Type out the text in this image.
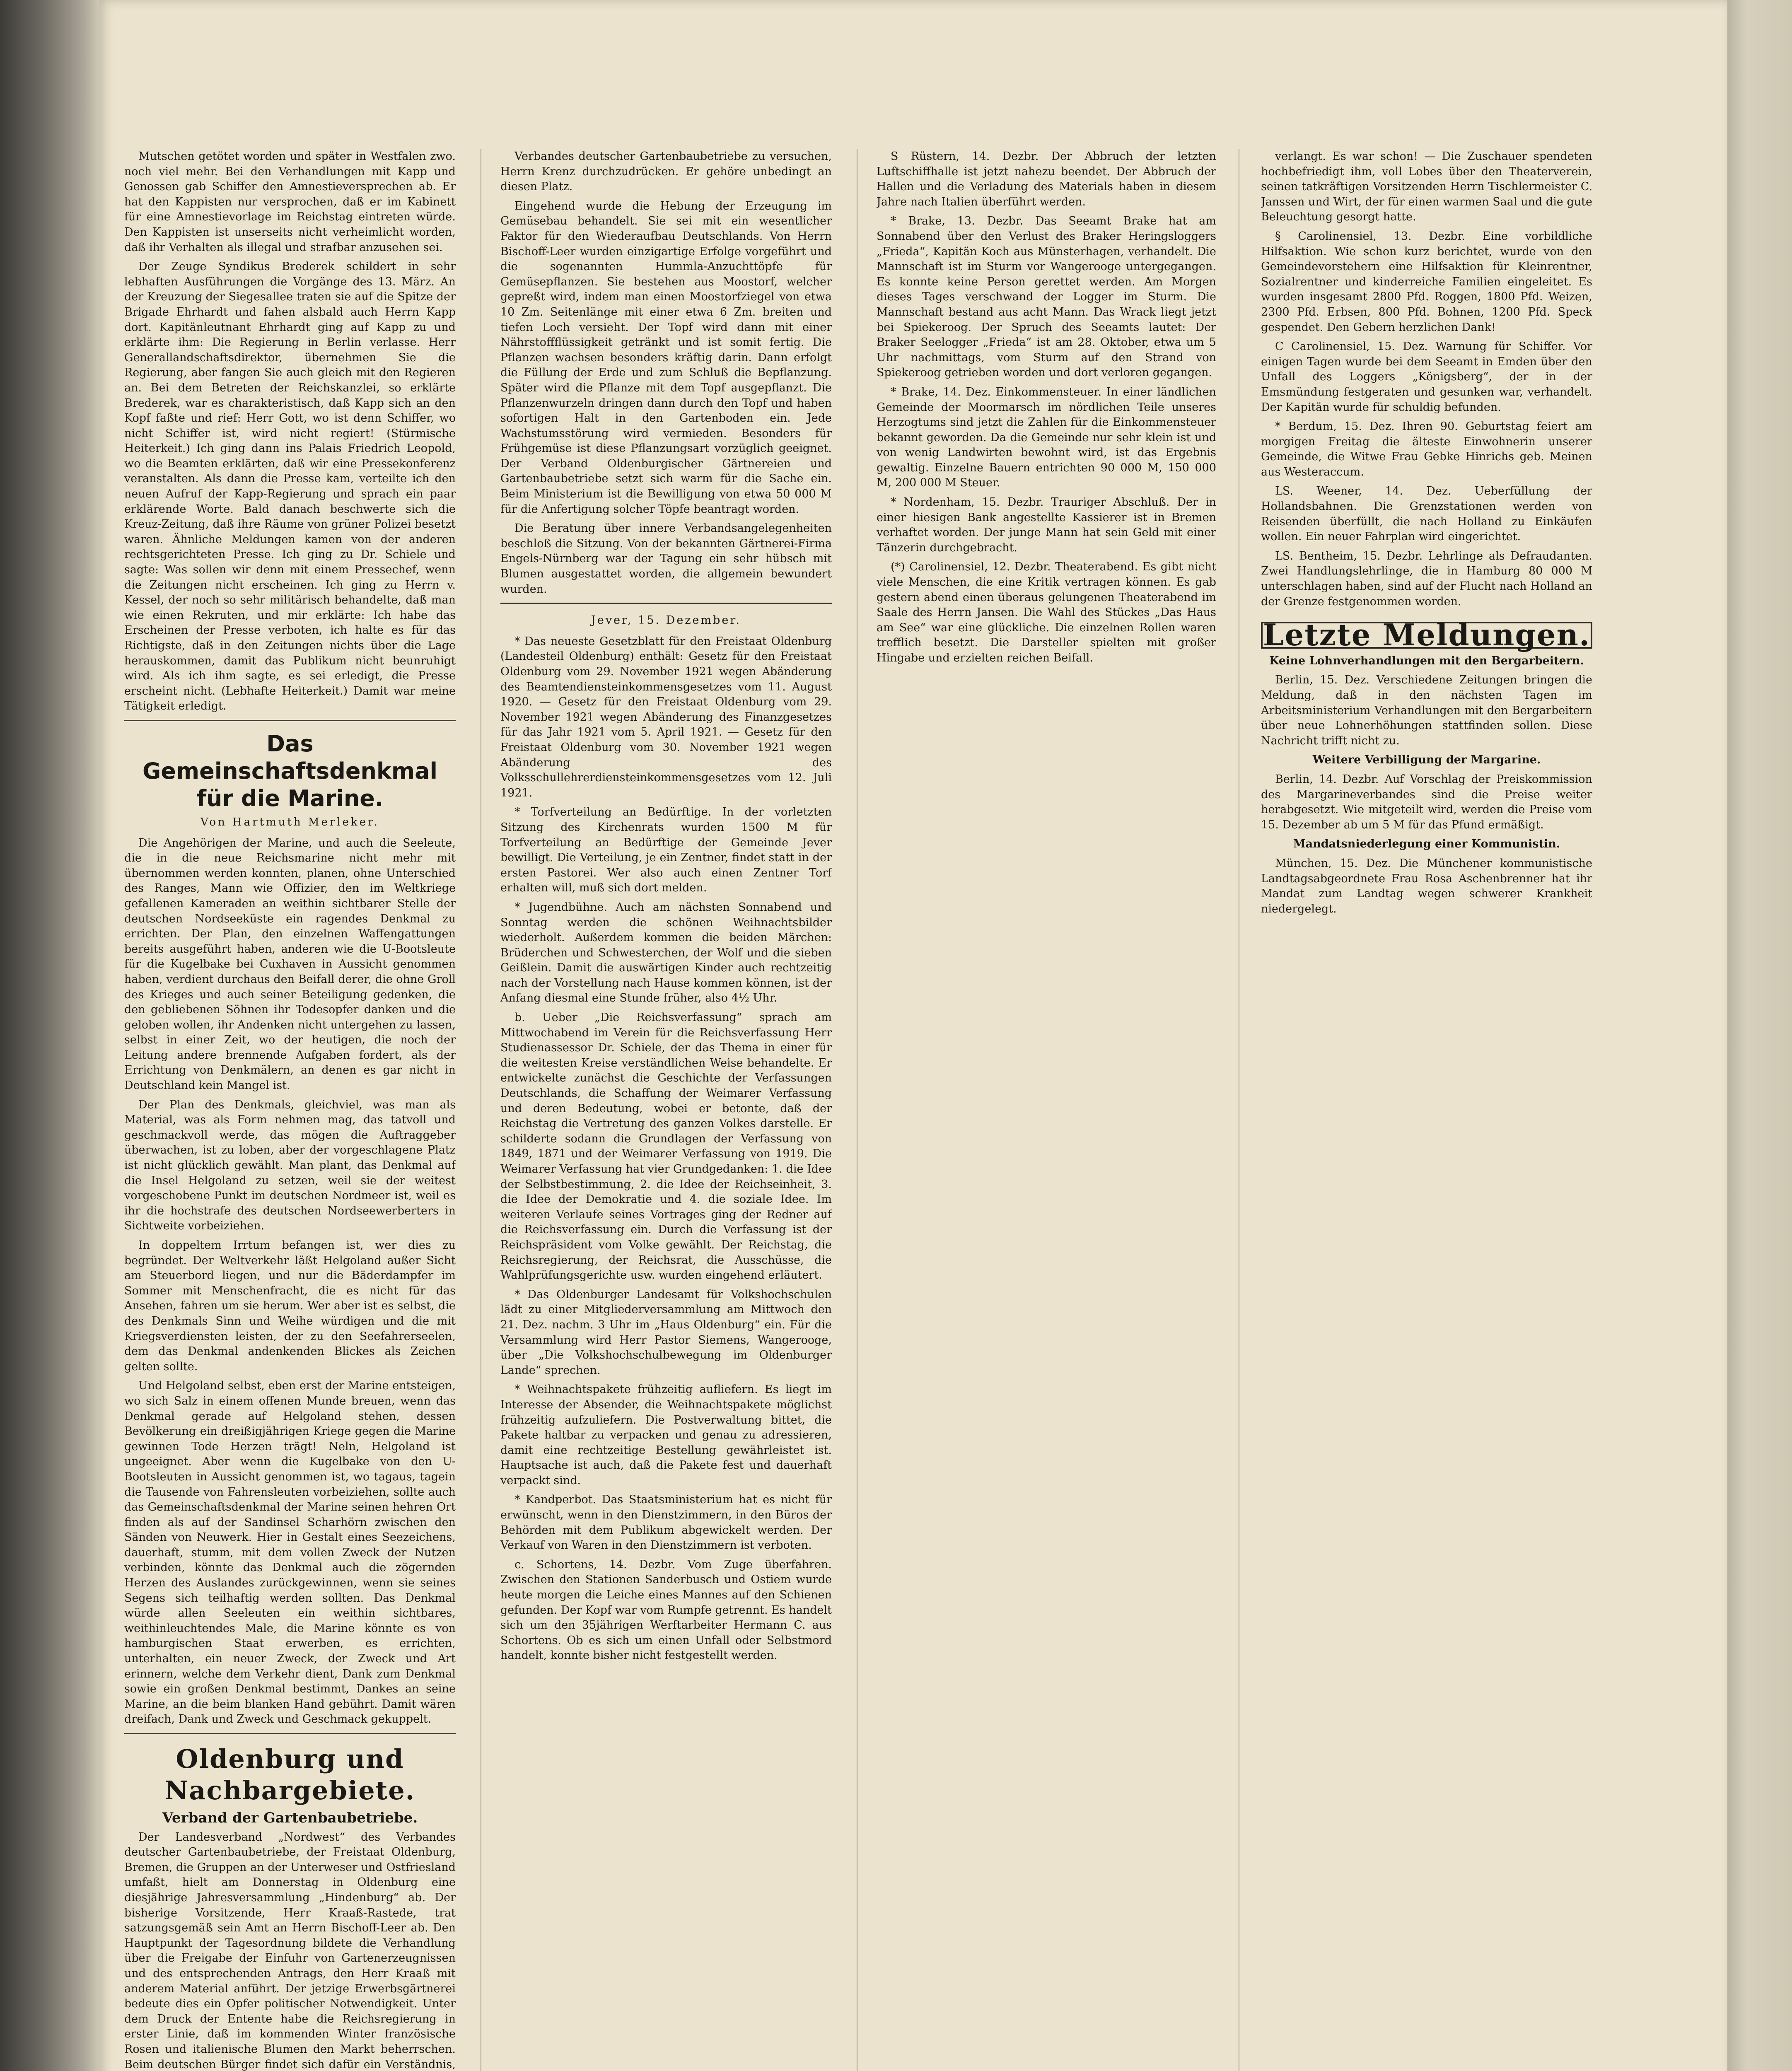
Mutschen getötet worden und später in Westfalen zwo. noch viel mehr. Bei den Verhandlungen mit Kapp und Genossen gab Schiffer den Amnestieversprechen ab. Er hat den Kappisten nur versprochen, daß er im Kabinett für eine Amnestievorlage im Reichstag eintreten würde. Den Kappisten ist unserseits nicht verheimlicht worden, daß ihr Verhalten als illegal und strafbar anzusehen sei.

Der Zeuge Syndikus Brederek schildert in sehr lebhaften Ausführungen die Vorgänge des 13. März. An der Kreuzung der Siegesallee traten sie auf die Spitze der Brigade Ehrhardt und fahen alsbald auch Herrn Kapp dort. Kapitänleutnant Ehrhardt ging auf Kapp zu und erklärte ihm: Die Regierung in Berlin verlasse. Herr Generallandschaftsdirektor, übernehmen Sie die Regierung, aber fangen Sie auch gleich mit den Regieren an. Bei dem Betreten der Reichskanzlei, so erklärte Brederek, war es charakteristisch, daß Kapp sich an den Kopf faßte und rief: Herr Gott, wo ist denn Schiffer, wo nicht Schiffer ist, wird nicht regiert! (Stürmische Heiterkeit.) Ich ging dann ins Palais Friedrich Leopold, wo die Beamten erklärten, daß wir eine Pressekonferenz veranstalten. Als dann die Presse kam, verteilte ich den neuen Aufruf der Kapp-Regierung und sprach ein paar erklärende Worte. Bald danach beschwerte sich die Kreuz-Zeitung, daß ihre Räume von grüner Polizei besetzt waren. Ähnliche Meldungen kamen von der anderen rechtsgerichteten Presse. Ich ging zu Dr. Schiele und sagte: Was sollen wir denn mit einem Pressechef, wenn die Zeitungen nicht erscheinen. Ich ging zu Herrn v. Kessel, der noch so sehr militärisch behandelte, daß man wie einen Rekruten, und mir erklärte: Ich habe das Erscheinen der Presse verboten, ich halte es für das Richtigste, daß in den Zeitungen nichts über die Lage herauskommen, damit das Publikum nicht beunruhigt wird. Als ich ihm sagte, es sei erledigt, die Presse erscheint nicht. (Lebhafte Heiterkeit.) Damit war meine Tätigkeit erledigt.

Das Gemeinschaftsdenkmal für die Marine.
Von Hartmuth Merleker.

Die Angehörigen der Marine, und auch die Seeleute, die in die neue Reichsmarine nicht mehr mit übernommen werden konnten, planen, ohne Unterschied des Ranges, Mann wie Offizier, den im Weltkriege gefallenen Kameraden an weithin sichtbarer Stelle der deutschen Nordseeküste ein ragendes Denkmal zu errichten. Der Plan, den einzelnen Waffengattungen bereits ausgeführt haben, anderen wie die U-Bootsleute für die Kugelbake bei Cuxhaven in Aussicht genommen haben, verdient durchaus den Beifall derer, die ohne Groll des Krieges und auch seiner Beteiligung gedenken, die den gebliebenen Söhnen ihr Todesopfer danken und die geloben wollen, ihr Andenken nicht untergehen zu lassen, selbst in einer Zeit, wo der heutigen, die noch der Leitung andere brennende Aufgaben fordert, als der Errichtung von Denkmälern, an denen es gar nicht in Deutschland kein Mangel ist.

Der Plan des Denkmals, gleichviel, was man als Material, was als Form nehmen mag, das tatvoll und geschmackvoll werde, das mögen die Auftraggeber überwachen, ist zu loben, aber der vorgeschlagene Platz ist nicht glücklich gewählt. Man plant, das Denkmal auf die Insel Helgoland zu setzen, weil sie der weitest vorgeschobene Punkt im deutschen Nordmeer ist, weil es ihr die hochstrafe des deutschen Nordseewerberters in Sichtweite vorbeiziehen.

In doppeltem Irrtum befangen ist, wer dies zu begründet. Der Weltverkehr läßt Helgoland außer Sicht am Steuerbord liegen, und nur die Bäderdampfer im Sommer mit Menschenfracht, die es nicht für das Ansehen, fahren um sie herum. Wer aber ist es selbst, die des Denkmals Sinn und Weihe würdigen und die mit Kriegsverdiensten leisten, der zu den Seefahrerseelen, dem das Denkmal andenkenden Blickes als Zeichen gelten sollte.

Und Helgoland selbst, eben erst der Marine entsteigen, wo sich Salz in einem offenen Munde breuen, wenn das Denkmal gerade auf Helgoland stehen, dessen Bevölkerung ein dreißigjährigen Kriege gegen die Marine gewinnen Tode Herzen trägt! Neln, Helgoland ist ungeeignet. Aber wenn die Kugelbake von den U-Bootsleuten in Aussicht genommen ist, wo tagaus, tagein die Tausende von Fahrensleuten vorbeiziehen, sollte auch das Gemeinschaftsdenkmal der Marine seinen hehren Ort finden als auf der Sandinsel Scharhörn zwischen den Sänden von Neuwerk. Hier in Gestalt eines Seezeichens, dauerhaft, stumm, mit dem vollen Zweck der Nutzen verbinden, könnte das Denkmal auch die zögernden Herzen des Auslandes zurückgewinnen, wenn sie seines Segens sich teilhaftig werden sollten. Das Denkmal würde allen Seeleuten ein weithin sichtbares, weithinleuchtendes Male, die Marine könnte es von hamburgischen Staat erwerben, es errichten, unterhalten, ein neuer Zweck, der Zweck und Art erinnern, welche dem Verkehr dient, Dank zum Denkmal sowie ein großen Denkmal bestimmt, Dankes an seine Marine, an die beim blanken Hand gebührt. Damit wären dreifach, Dank und Zweck und Geschmack gekuppelt.

Oldenburg und Nachbargebiete.
Verband der Gartenbaubetriebe.

Der Landesverband „Nordwest“ des Verbandes deutscher Gartenbaubetriebe, der Freistaat Oldenburg, Bremen, die Gruppen an der Unterweser und Ostfriesland umfaßt, hielt am Donnerstag in Oldenburg eine diesjährige Jahresversammlung „Hindenburg“ ab. Der bisherige Vorsitzende, Herr Kraaß-Rastede, trat satzungsgemäß sein Amt an Herrn Bischoff-Leer ab. Den Hauptpunkt der Tagesordnung bildete die Verhandlung über die Freigabe der Einfuhr von Gartenerzeugnissen und des entsprechenden Antrags, den Herr Kraaß mit anderem Material anführt. Der jetzige Erwerbsgärtnerei bedeute dies ein Opfer politischer Notwendigkeit. Unter dem Druck der Entente habe die Reichsregierung in erster Linie, daß im kommenden Winter französische Rosen und italienische Blumen den Markt beherrschen. Beim deutschen Bürger findet sich dafür ein Verständnis,

Verbandes deutscher Gartenbaubetriebe zu versuchen, Herrn Krenz durchzudrücken. Er gehöre unbedingt an diesen Platz.

Eingehend wurde die Hebung der Erzeugung im Gemüsebau behandelt. Sie sei mit ein wesentlicher Faktor für den Wiederaufbau Deutschlands. Von Herrn Bischoff-Leer wurden einzigartige Erfolge vorgeführt und die sogenannten Hummla-Anzuchttöpfe für Gemüsepflanzen. Sie bestehen aus Moostorf, welcher gepreßt wird, indem man einen Moostorfziegel von etwa 10 Zm. Seitenlänge mit einer etwa 6 Zm. breiten und tiefen Loch versieht. Der Topf wird dann mit einer Nährstoffflüssigkeit getränkt und ist somit fertig. Die Pflanzen wachsen besonders kräftig darin. Dann erfolgt die Füllung der Erde und zum Schluß die Bepflanzung. Später wird die Pflanze mit dem Topf ausgepflanzt. Die Pflanzenwurzeln dringen dann durch den Topf und haben sofortigen Halt in den Gartenboden ein. Jede Wachstumsstörung wird vermieden. Besonders für Frühgemüse ist diese Pflanzungsart vorzüglich geeignet. Der Verband Oldenburgischer Gärtnereien und Gartenbaubetriebe setzt sich warm für die Sache ein. Beim Ministerium ist die Bewilligung von etwa 50 000 M für die Anfertigung solcher Töpfe beantragt worden.

Die Beratung über innere Verbandsangelegenheiten beschloß die Sitzung. Von der bekannten Gärtnerei-Firma Engels-Nürnberg war der Tagung ein sehr hübsch mit Blumen ausgestattet worden, die allgemein bewundert wurden.

Jever, 15. Dezember.

* Das neueste Gesetzblatt für den Freistaat Oldenburg (Landesteil Oldenburg) enthält: Gesetz für den Freistaat Oldenburg vom 29. November 1921 wegen Abänderung des Beamtendiensteinkommensgesetzes vom 11. August 1920. — Gesetz für den Freistaat Oldenburg vom 29. November 1921 wegen Abänderung des Finanzgesetzes für das Jahr 1921 vom 5. April 1921. — Gesetz für den Freistaat Oldenburg vom 30. November 1921 wegen Abänderung des Volksschullehrerdiensteinkommensgesetzes vom 12. Juli 1921.

* Torfverteilung an Bedürftige. In der vorletzten Sitzung des Kirchenrats wurden 1500 M für Torfverteilung an Bedürftige der Gemeinde Jever bewilligt. Die Verteilung, je ein Zentner, findet statt in der ersten Pastorei. Wer also auch einen Zentner Torf erhalten will, muß sich dort melden.

* Jugendbühne. Auch am nächsten Sonnabend und Sonntag werden die schönen Weihnachtsbilder wiederholt. Außerdem kommen die beiden Märchen: Brüderchen und Schwesterchen, der Wolf und die sieben Geißlein. Damit die auswärtigen Kinder auch rechtzeitig nach der Vorstellung nach Hause kommen können, ist der Anfang diesmal eine Stunde früher, also 4½ Uhr.

b. Ueber „Die Reichsverfassung“ sprach am Mittwochabend im Verein für die Reichsverfassung Herr Studienassessor Dr. Schiele, der das Thema in einer für die weitesten Kreise verständlichen Weise behandelte. Er entwickelte zunächst die Geschichte der Verfassungen Deutschlands, die Schaffung der Weimarer Verfassung und deren Bedeutung, wobei er betonte, daß der Reichstag die Vertretung des ganzen Volkes darstelle. Er schilderte sodann die Grundlagen der Verfassung von 1849, 1871 und der Weimarer Verfassung von 1919. Die Weimarer Verfassung hat vier Grundgedanken: 1. die Idee der Selbstbestimmung, 2. die Idee der Reichseinheit, 3. die Idee der Demokratie und 4. die soziale Idee. Im weiteren Verlaufe seines Vortrages ging der Redner auf die Reichsverfassung ein. Durch die Verfassung ist der Reichspräsident vom Volke gewählt. Der Reichstag, die Reichsregierung, der Reichsrat, die Ausschüsse, die Wahlprüfungsgerichte usw. wurden eingehend erläutert.

* Das Oldenburger Landesamt für Volkshochschulen lädt zu einer Mitgliederversammlung am Mittwoch den 21. Dez. nachm. 3 Uhr im „Haus Oldenburg“ ein. Für die Versammlung wird Herr Pastor Siemens, Wangerooge, über „Die Volkshochschulbewegung im Oldenburger Lande“ sprechen.

* Weihnachtspakete frühzeitig aufliefern. Es liegt im Interesse der Absender, die Weihnachtspakete möglichst frühzeitig aufzuliefern. Die Postverwaltung bittet, die Pakete haltbar zu verpacken und genau zu adressieren, damit eine rechtzeitige Bestellung gewährleistet ist. Hauptsache ist auch, daß die Pakete fest und dauerhaft verpackt sind.

* Kandperbot. Das Staatsministerium hat es nicht für erwünscht, wenn in den Dienstzimmern, in den Büros der Behörden mit dem Publikum abgewickelt werden. Der Verkauf von Waren in den Dienstzimmern ist verboten.

c. Schortens, 14. Dezbr. Vom Zuge überfahren. Zwischen den Stationen Sanderbusch und Ostiem wurde heute morgen die Leiche eines Mannes auf den Schienen gefunden. Der Kopf war vom Rumpfe getrennt. Es handelt sich um den 35jährigen Werftarbeiter Hermann C. aus Schortens. Ob es sich um einen Unfall oder Selbstmord handelt, konnte bisher nicht festgestellt werden.

S Rüstern, 14. Dezbr. Der Abbruch der letzten Luftschiffhalle ist jetzt nahezu beendet. Der Abbruch der Hallen und die Verladung des Materials haben in diesem Jahre nach Italien überführt werden.

* Brake, 13. Dezbr. Das Seeamt Brake hat am Sonnabend über den Verlust des Braker Heringsloggers „Frieda“, Kapitän Koch aus Münsterhagen, verhandelt. Die Mannschaft ist im Sturm vor Wangerooge untergegangen. Es konnte keine Person gerettet werden. Am Morgen dieses Tages verschwand der Logger im Sturm. Die Mannschaft bestand aus acht Mann. Das Wrack liegt jetzt bei Spiekeroog. Der Spruch des Seeamts lautet: Der Braker Seelogger „Frieda“ ist am 28. Oktober, etwa um 5 Uhr nachmittags, vom Sturm auf den Strand von Spiekeroog getrieben worden und dort verloren gegangen.

* Brake, 14. Dez. Einkommensteuer. In einer ländlichen Gemeinde der Moormarsch im nördlichen Teile unseres Herzogtums sind jetzt die Zahlen für die Einkommensteuer bekannt geworden. Da die Gemeinde nur sehr klein ist und von wenig Landwirten bewohnt wird, ist das Ergebnis gewaltig. Einzelne Bauern entrichten 90 000 M, 150 000 M, 200 000 M Steuer.

* Nordenham, 15. Dezbr. Trauriger Abschluß. Der in einer hiesigen Bank angestellte Kassierer ist in Bremen verhaftet worden. Der junge Mann hat sein Geld mit einer Tänzerin durchgebracht.

(*) Carolinensiel, 12. Dezbr. Theaterabend. Es gibt nicht viele Menschen, die eine Kritik vertragen können. Es gab gestern abend einen überaus gelungenen Theaterabend im Saale des Herrn Jansen. Die Wahl des Stückes „Das Haus am See“ war eine glückliche. Die einzelnen Rollen waren trefflich besetzt. Die Darsteller spielten mit großer Hingabe und erzielten reichen Beifall.

verlangt. Es war schon! — Die Zuschauer spendeten hochbefriedigt ihm, voll Lobes über den Theaterverein, seinen tatkräftigen Vorsitzenden Herrn Tischlermeister C. Janssen und Wirt, der für einen warmen Saal und die gute Beleuchtung gesorgt hatte.

§ Carolinensiel, 13. Dezbr. Eine vorbildliche Hilfsaktion. Wie schon kurz berichtet, wurde von den Gemeindevorstehern eine Hilfsaktion für Kleinrentner, Sozialrentner und kinderreiche Familien eingeleitet. Es wurden insgesamt 2800 Pfd. Roggen, 1800 Pfd. Weizen, 2300 Pfd. Erbsen, 800 Pfd. Bohnen, 1200 Pfd. Speck gespendet. Den Gebern herzlichen Dank!

C Carolinensiel, 15. Dez. Warnung für Schiffer. Vor einigen Tagen wurde bei dem Seeamt in Emden über den Unfall des Loggers „Königsberg“, der in der Emsmündung festgeraten und gesunken war, verhandelt. Der Kapitän wurde für schuldig befunden.

* Berdum, 15. Dez. Ihren 90. Geburtstag feiert am morgigen Freitag die älteste Einwohnerin unserer Gemeinde, die Witwe Frau Gebke Hinrichs geb. Meinen aus Westeraccum.

LS. Weener, 14. Dez. Ueberfüllung der Hollandsbahnen. Die Grenzstationen werden von Reisenden überfüllt, die nach Holland zu Einkäufen wollen. Ein neuer Fahrplan wird eingerichtet.

LS. Bentheim, 15. Dezbr. Lehrlinge als Defraudanten. Zwei Handlungslehrlinge, die in Hamburg 80 000 M unterschlagen haben, sind auf der Flucht nach Holland an der Grenze festgenommen worden.

Letzte Meldungen.
Keine Lohnverhandlungen mit den Bergarbeitern.

Berlin, 15. Dez. Verschiedene Zeitungen bringen die Meldung, daß in den nächsten Tagen im Arbeitsministerium Verhandlungen mit den Bergarbeitern über neue Lohnerhöhungen stattfinden sollen. Diese Nachricht trifft nicht zu.

Weitere Verbilligung der Margarine.

Berlin, 14. Dezbr. Auf Vorschlag der Preiskommission des Margarineverbandes sind die Preise weiter herabgesetzt. Wie mitgeteilt wird, werden die Preise vom 15. Dezember ab um 5 M für das Pfund ermäßigt.

Mandatsniederlegung einer Kommunistin.

München, 15. Dez. Die Münchener kommunistische Landtagsabgeordnete Frau Rosa Aschenbrenner hat ihr Mandat zum Landtag wegen schwerer Krankheit niedergelegt.
